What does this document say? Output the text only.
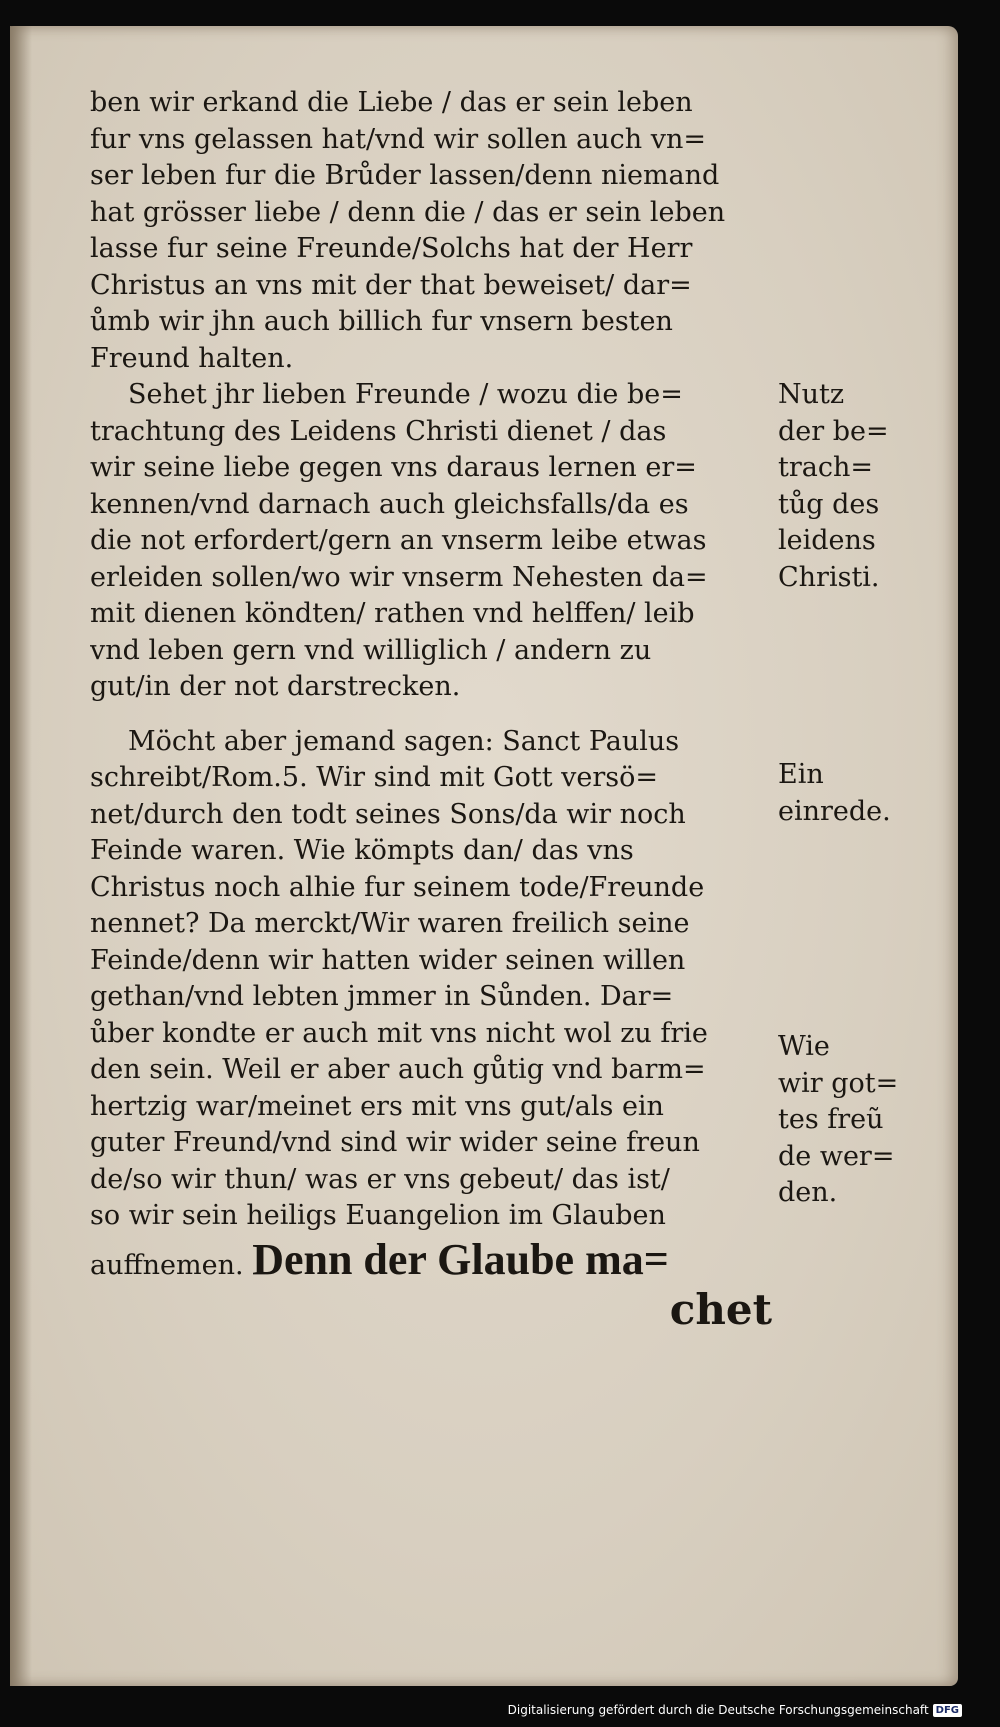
ben wir erkand die Liebe / das er sein leben
fur vns gelassen hat/vnd wir sollen auch vn=
ser leben fur die Brůder lassen/denn niemand
hat grösser liebe / denn die / das er sein leben
lasse fur seine Freunde/Solchs hat der Herr
Christus an vns mit der that beweiset/ dar=
ůmb wir jhn auch billich fur vnsern besten
Freund halten.
Sehet jhr lieben Freunde / wozu die be=
trachtung des Leidens Christi dienet / das
wir seine liebe gegen vns daraus lernen er=
kennen/vnd darnach auch gleichsfalls/da es
die not erfordert/gern an vnserm leibe etwas
erleiden sollen/wo wir vnserm Nehesten da=
mit dienen köndten/ rathen vnd helffen/ leib
vnd leben gern vnd williglich / andern zu
gut/in der not darstrecken.
Möcht aber jemand sagen: Sanct Paulus
schreibt/Rom.5. Wir sind mit Gott versö=
net/durch den todt seines Sons/da wir noch
Feinde waren. Wie kömpts dan/ das vns
Christus noch alhie fur seinem tode/Freunde
nennet? Da merckt/Wir waren freilich seine
Feinde/denn wir hatten wider seinen willen
gethan/vnd lebten jmmer in Sůnden. Dar=
ůber kondte er auch mit vns nicht wol zu frie
den sein. Weil er aber auch gůtig vnd barm=
hertzig war/meinet ers mit vns gut/als ein
guter Freund/vnd sind wir wider seine freun
de/so wir thun/ was er vns gebeut/ das ist/
so wir sein heiligs Euangelion im Glauben
auffnemen. Denn der Glaube ma=
chet
Nutz
der be=
trach=
tůg des
leidens
Christi.
Ein
einrede.
Wie
wir got=
tes freũ
de wer=
den.
Digitalisierung gefördert durch die Deutsche Forschungsgemeinschaft DFG
